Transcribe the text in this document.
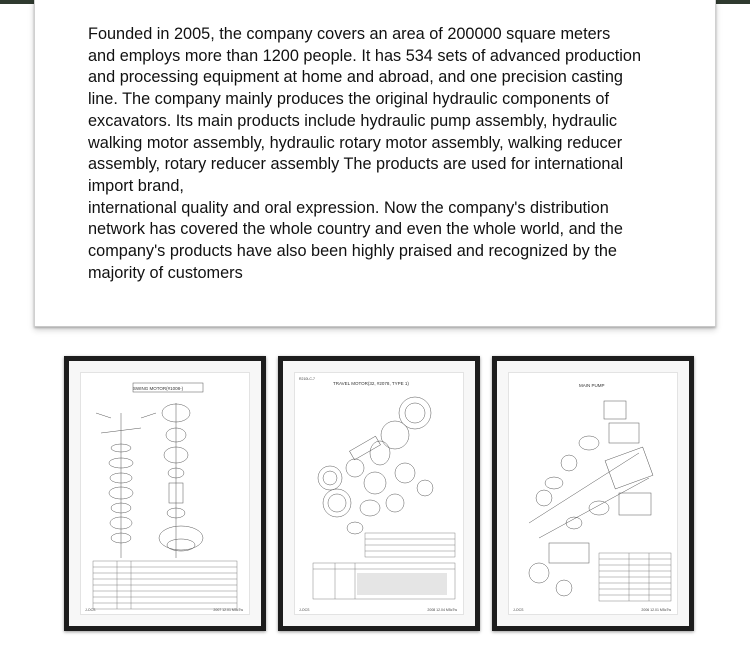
Founded in 2005, the company covers an area of 200000 square meters
and employs more than 1200 people. It has 534 sets of advanced production
and processing equipment at home and abroad, and one precision casting
line. The company mainly produces the original hydraulic components of
excavators. Its main products include hydraulic pump assembly, hydraulic
walking motor assembly, hydraulic rotary motor assembly, walking reducer
assembly, rotary reducer assembly The products are used for international
import brand,
international quality and oral expression. Now the company's distribution
network has covered the whole country and even the whole world, and the
company's products have also been highly praised and recognized by the
majority of customers

SWING MOTOR(#1008-)
J-OCS	2007 12.01 M5cTw
R210LC-7
TRAVEL MOTOR(32, #2078, TYPE 1)
J-OCS	2008 12.04 M5cTw
MAIN PUMP
J-OCS	2006 12.01 M5cTw
